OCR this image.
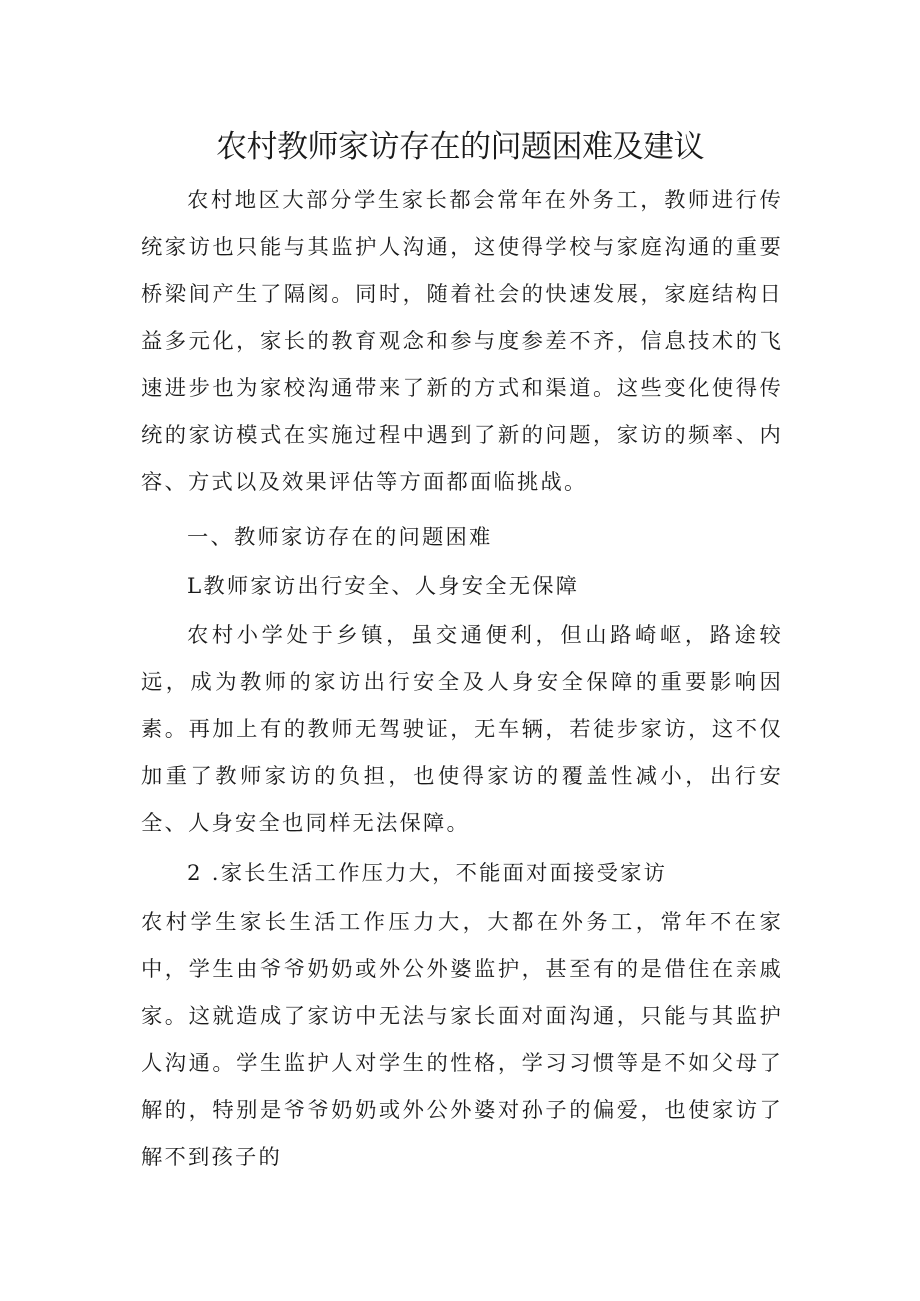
农村教师家访存在的问题困难及建议

农村地区大部分学生家长都会常年在外务工，教师进行传统家访也只能与其监护人沟通，这使得学校与家庭沟通的重要桥梁间产生了隔阂。同时，随着社会的快速发展，家庭结构日益多元化，家长的教育观念和参与度参差不齐，信息技术的飞速进步也为家校沟通带来了新的方式和渠道。这些变化使得传统的家访模式在实施过程中遇到了新的问题，家访的频率、内容、方式以及效果评估等方面都面临挑战。

一、教师家访存在的问题困难

L教师家访出行安全、人身安全无保障

农村小学处于乡镇，虽交通便利，但山路崎岖，路途较远，成为教师的家访出行安全及人身安全保障的重要影响因素。再加上有的教师无驾驶证，无车辆，若徒步家访，这不仅加重了教师家访的负担，也使得家访的覆盖性减小，出行安全、人身安全也同样无法保障。

2 .家长生活工作压力大，不能面对面接受家访

农村学生家长生活工作压力大，大都在外务工，常年不在家中，学生由爷爷奶奶或外公外婆监护，甚至有的是借住在亲戚家。这就造成了家访中无法与家长面对面沟通，只能与其监护人沟通。学生监护人对学生的性格，学习习惯等是不如父母了解的，特别是爷爷奶奶或外公外婆对孙子的偏爱，也使家访了解不到孩子的
